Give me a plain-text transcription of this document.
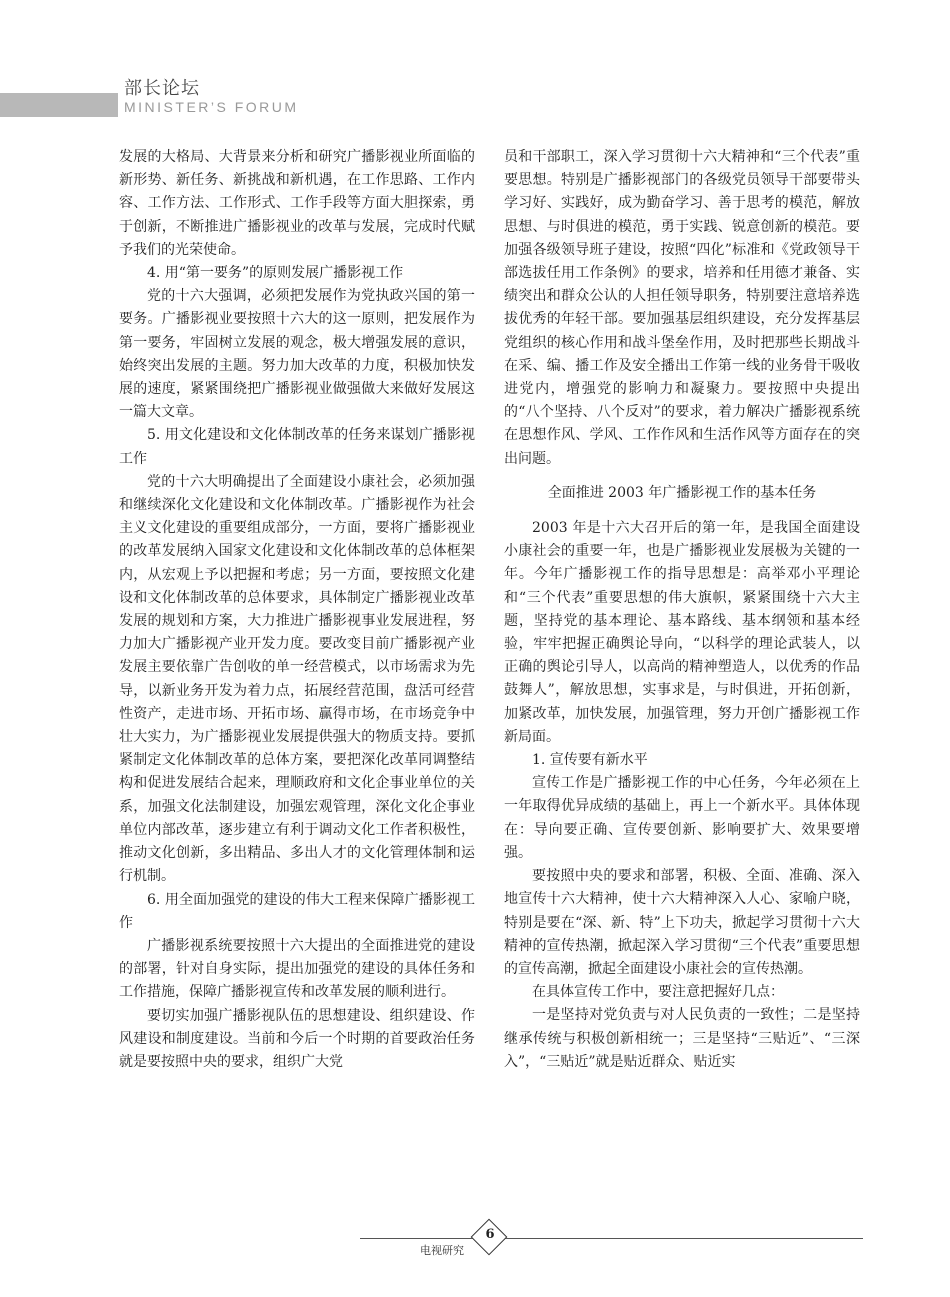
部长论坛
MINISTER’S FORUM

发展的大格局、大背景来分析和研究广播影视业所面临的新形势、新任务、新挑战和新机遇，在工作思路、工作内容、工作方法、工作形式、工作手段等方面大胆探索，勇于创新，不断推进广播影视业的改革与发展，完成时代赋予我们的光荣使命。

4. 用“第一要务”的原则发展广播影视工作

党的十六大强调，必须把发展作为党执政兴国的第一要务。广播影视业要按照十六大的这一原则，把发展作为第一要务，牢固树立发展的观念，极大增强发展的意识，始终突出发展的主题。努力加大改革的力度，积极加快发展的速度，紧紧围绕把广播影视业做强做大来做好发展这一篇大文章。

5. 用文化建设和文化体制改革的任务来谋划广播影视工作

党的十六大明确提出了全面建设小康社会，必须加强和继续深化文化建设和文化体制改革。广播影视作为社会主义文化建设的重要组成部分，一方面，要将广播影视业的改革发展纳入国家文化建设和文化体制改革的总体框架内，从宏观上予以把握和考虑；另一方面，要按照文化建设和文化体制改革的总体要求，具体制定广播影视业改革发展的规划和方案，大力推进广播影视事业发展进程，努力加大广播影视产业开发力度。要改变目前广播影视产业发展主要依靠广告创收的单一经营模式，以市场需求为先导，以新业务开发为着力点，拓展经营范围，盘活可经营性资产，走进市场、开拓市场、赢得市场，在市场竞争中壮大实力，为广播影视业发展提供强大的物质支持。要抓紧制定文化体制改革的总体方案，要把深化改革同调整结构和促进发展结合起来，理顺政府和文化企事业单位的关系，加强文化法制建设，加强宏观管理，深化文化企事业单位内部改革，逐步建立有利于调动文化工作者积极性，推动文化创新，多出精品、多出人才的文化管理体制和运行机制。

6. 用全面加强党的建设的伟大工程来保障广播影视工作

广播影视系统要按照十六大提出的全面推进党的建设的部署，针对自身实际，提出加强党的建设的具体任务和工作措施，保障广播影视宣传和改革发展的顺利进行。

要切实加强广播影视队伍的思想建设、组织建设、作风建设和制度建设。当前和今后一个时期的首要政治任务就是要按照中央的要求，组织广大党

员和干部职工，深入学习贯彻十六大精神和“三个代表”重要思想。特别是广播影视部门的各级党员领导干部要带头学习好、实践好，成为勤奋学习、善于思考的模范，解放思想、与时俱进的模范，勇于实践、锐意创新的模范。要加强各级领导班子建设，按照“四化”标准和《党政领导干部选拔任用工作条例》的要求，培养和任用德才兼备、实绩突出和群众公认的人担任领导职务，特别要注意培养选拔优秀的年轻干部。要加强基层组织建设，充分发挥基层党组织的核心作用和战斗堡垒作用，及时把那些长期战斗在采、编、播工作及安全播出工作第一线的业务骨干吸收进党内，增强党的影响力和凝聚力。要按照中央提出的“八个坚持、八个反对”的要求，着力解决广播影视系统在思想作风、学风、工作作风和生活作风等方面存在的突出问题。

全面推进 2003 年广播影视工作的基本任务

2003 年是十六大召开后的第一年，是我国全面建设小康社会的重要一年，也是广播影视业发展极为关键的一年。今年广播影视工作的指导思想是：高举邓小平理论和“三个代表”重要思想的伟大旗帜，紧紧围绕十六大主题，坚持党的基本理论、基本路线、基本纲领和基本经验，牢牢把握正确舆论导向，“以科学的理论武装人，以正确的舆论引导人，以高尚的精神塑造人，以优秀的作品鼓舞人”，解放思想，实事求是，与时俱进，开拓创新，加紧改革，加快发展，加强管理，努力开创广播影视工作新局面。

1. 宣传要有新水平

宣传工作是广播影视工作的中心任务，今年必须在上一年取得优异成绩的基础上，再上一个新水平。具体体现在：导向要正确、宣传要创新、影响要扩大、效果要增强。

要按照中央的要求和部署，积极、全面、准确、深入地宣传十六大精神，使十六大精神深入人心、家喻户晓，特别是要在“深、新、特”上下功夫，掀起学习贯彻十六大精神的宣传热潮，掀起深入学习贯彻“三个代表”重要思想的宣传高潮，掀起全面建设小康社会的宣传热潮。

在具体宣传工作中，要注意把握好几点：

一是坚持对党负责与对人民负责的一致性；二是坚持继承传统与积极创新相统一；三是坚持“三贴近”、“三深入”，“三贴近”就是贴近群众、贴近实

电视研究
6
